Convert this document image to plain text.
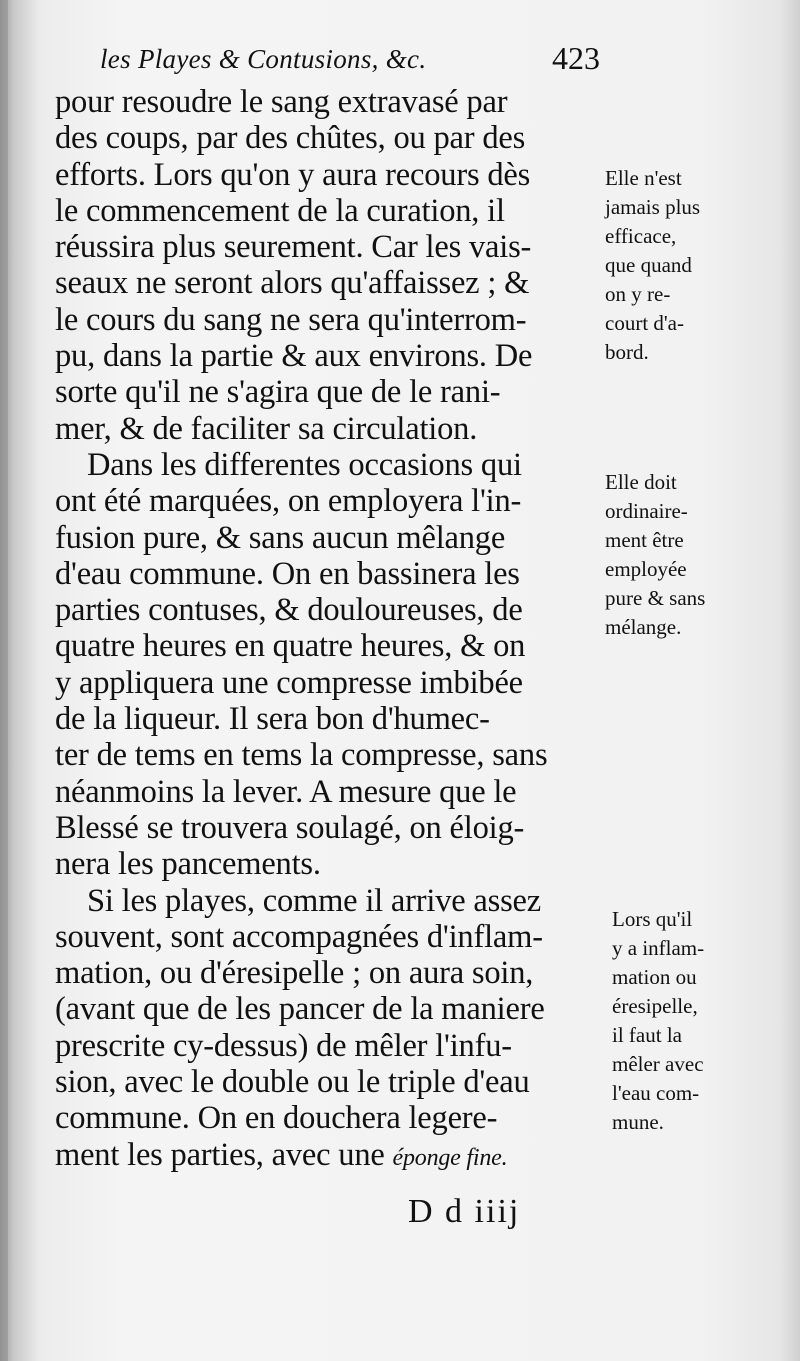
les Playes & Contusions, &c.	423
pour resoudre le sang extravasé par
des coups, par des chûtes, ou par des
efforts. Lors qu'on y aura recours dès
le commencement de la curation, il
réussira plus seurement. Car les vais-
seaux ne seront alors qu'affaissez ; &
le cours du sang ne sera qu'interrom-
pu, dans la partie & aux environs. De
sorte qu'il ne s'agira que de le rani-
mer, & de faciliter sa circulation.
Dans les differentes occasions qui
ont été marquées, on employera l'in-
fusion pure, & sans aucun mêlange
d'eau commune. On en bassinera les
parties contuses, & douloureuses, de
quatre heures en quatre heures, & on
y appliquera une compresse imbibée
de la liqueur. Il sera bon d'humec-
ter de tems en tems la compresse, sans
néanmoins la lever. A mesure que le
Blessé se trouvera soulagé, on éloig-
nera les pancements.
Si les playes, comme il arrive assez
souvent, sont accompagnées d'inflam-
mation, ou d'éresipelle ; on aura soin,
(avant que de les pancer de la maniere
prescrite cy-dessus) de mêler l'infu-
sion, avec le double ou le triple d'eau
commune. On en douchera legere-
ment les parties, avec une éponge fine.
Elle n'est
jamais plus
efficace,
que quand
on y re-
court d'a-
bord.
Elle doit
ordinaire-
ment être
employée
pure & sans
mélange.
Lors qu'il
y a inflam-
mation ou
éresipelle,
il faut la
mêler avec
l'eau com-
mune.
D d iiij
